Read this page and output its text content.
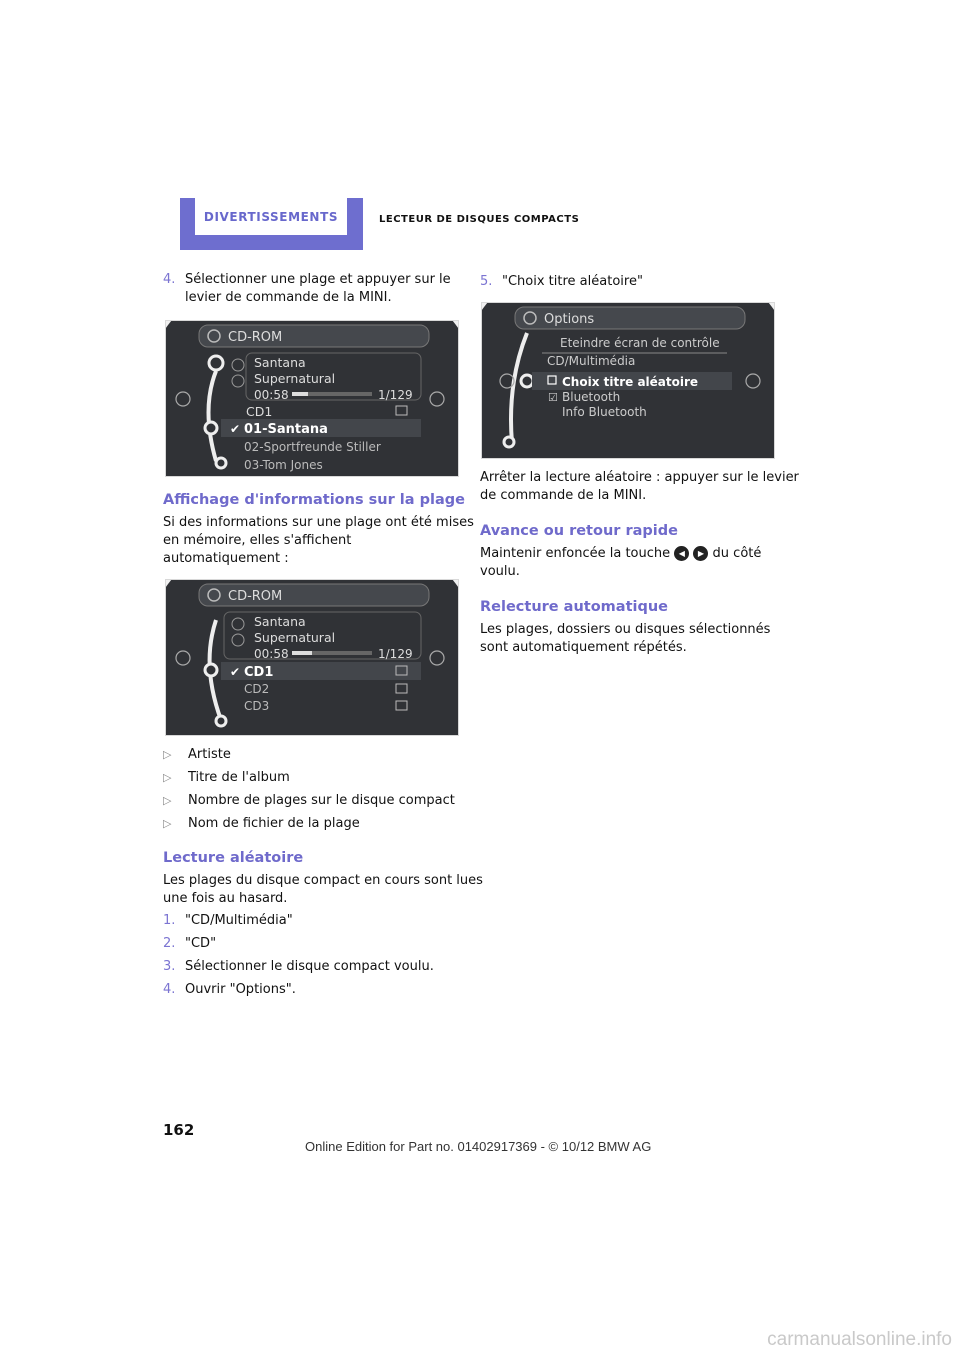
DIVERTISSEMENTS	LECTEUR DE DISQUES COMPACTS
4. Sélectionner une plage et appuyer sur le
levier de commande de la MINI.
CD-ROM
Santana
Supernatural
00:58	1/129
CD1
✔ 01-Santana
02-Sportfreunde Stiller
03-Tom Jones
Affichage d'informations sur la plage
Si des informations sur une plage ont été mises
en mémoire, elles s'affichent
automatiquement :
CD-ROM
Santana
Supernatural
00:58	1/129
✔ CD1
CD2
CD3
▷ Artiste
▷ Titre de l'album
▷ Nombre de plages sur le disque compact
▷ Nom de fichier de la plage
Lecture aléatoire
Les plages du disque compact en cours sont lues
une fois au hasard.
1. "CD/Multimédia"
2. "CD"
3. Sélectionner le disque compact voulu.
4. Ouvrir "Options".
5. "Choix titre aléatoire"
Options
Eteindre écran de contrôle
CD/Multimédia
Choix titre aléatoire
☑ Bluetooth
Info Bluetooth
Arrêter la lecture aléatoire : appuyer sur le levier
de commande de la MINI.
Avance ou retour rapide
Maintenir enfoncée la touche ◀ ▶ du côté
voulu.
Relecture automatique
Les plages, dossiers ou disques sélectionnés
sont automatiquement répétés.
162
Online Edition for Part no. 01402917369 - © 10/12 BMW AG
carmanualsonline.info
